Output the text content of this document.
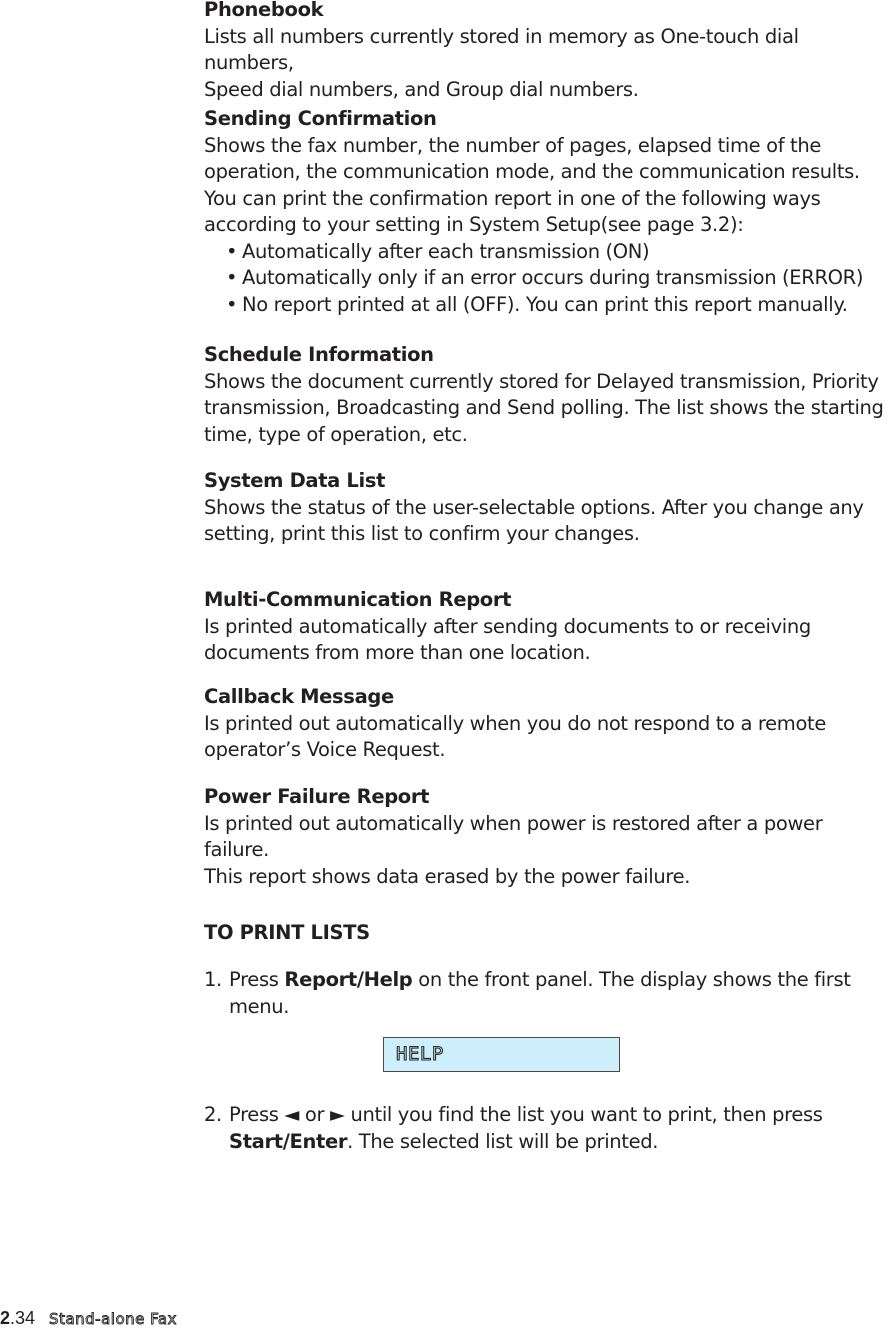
Phonebook
Lists all numbers currently stored in memory as One-touch dial numbers,
Speed dial numbers, and Group dial numbers.
Sending Confirmation
Shows the fax number, the number of pages, elapsed time of the
operation, the communication mode, and the communication results.
You can print the confirmation report in one of the following ways
according to your setting in System Setup(see page 3.2):
• Automatically after each transmission (ON)
• Automatically only if an error occurs during transmission (ERROR)
• No report printed at all (OFF). You can print this report manually.
Schedule Information
Shows the document currently stored for Delayed transmission, Priority
transmission, Broadcasting and Send polling. The list shows the starting
time, type of operation, etc.
System Data List
Shows the status of the user-selectable options. After you change any
setting, print this list to confirm your changes.
Multi-Communication Report
Is printed automatically after sending documents to or receiving
documents from more than one location.
Callback Message
Is printed out automatically when you do not respond to a remote
operator’s Voice Request.
Power Failure Report
Is printed out automatically when power is restored after a power failure.
This report shows data erased by the power failure.
TO PRINT LISTS
1. Press Report/Help on the front panel. The display shows the first
menu.
2. Press ◄ or ► until you find the list you want to print, then press
Start/Enter. The selected list will be printed.
HELP
2.34 Stand-alone Fax
